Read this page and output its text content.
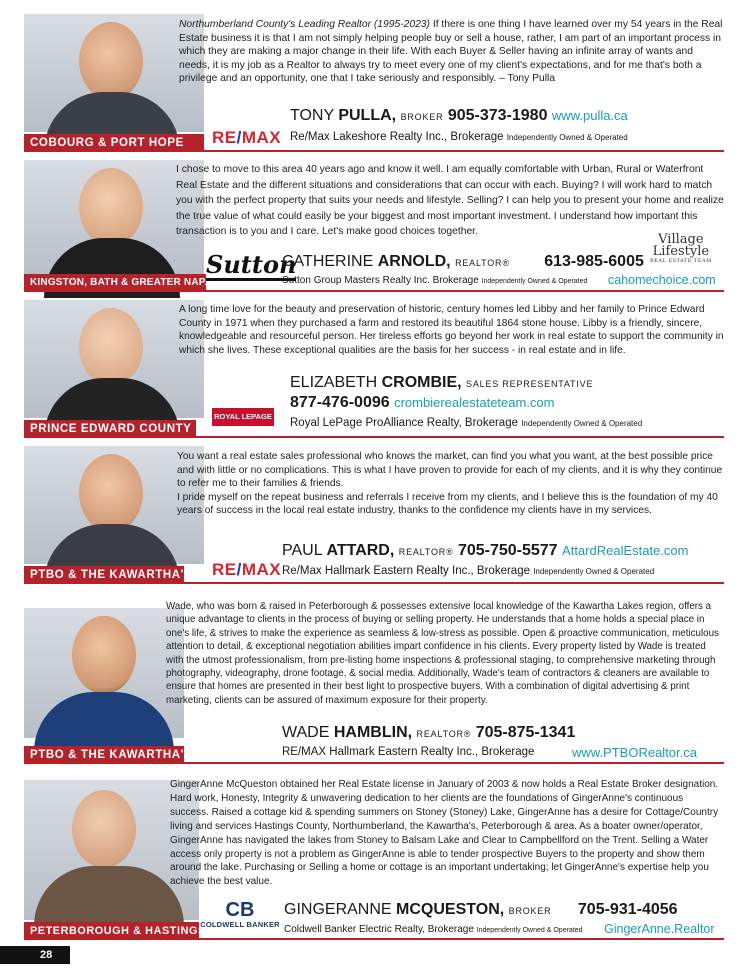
COBOURG & PORT HOPE

Northumberland County's Leading Realtor (1995-2023) If there is one thing I have learned over my 54 years in the Real Estate business it is that I am not simply helping people buy or sell a house, rather, I am part of an important process in which they are making a major change in their life. With each Buyer & Seller having an infinite array of wants and needs, it is my job as a Realtor to always try to meet every one of my client's expectations, and for me that's both a privilege and an opportunity, one that I take seriously and responsibly. – Tony Pulla

TONY PULLA, BROKER 905-373-1980 www.pulla.ca
RE/MAX Re/Max Lakeshore Realty Inc., Brokerage Independently Owned & Operated
KINGSTON, BATH & GREATER NAPANEE

I chose to move to this area 40 years ago and know it well. I am equally comfortable with Urban, Rural or Waterfront Real Estate and the different situations and considerations that can occur with each. Buying? I will work hard to match you with the perfect property that suits your needs and lifestyle. Selling? I can help you to present your home and realize the true value of what could easily be your biggest and most important investment. I understand how important this transaction is to you and I care. Let's make good choices together.

Sutton
CATHERINE ARNOLD, REALTOR® 613-985-6005
Village
Lifestyle
REAL ESTATE TEAM
Sutton Group Masters Realty Inc. Brokerage Independently Owned & Operated cahomechoice.com
PRINCE EDWARD COUNTY

A long time love for the beauty and preservation of historic, century homes led Libby and her family to Prince Edward County in 1971 when they purchased a farm and restored its beautiful 1864 stone house. Libby is a friendly, sincere, knowledgeable and resourceful person. Her tireless efforts go beyond her work in real estate to support the community in which she lives. These exceptional qualities are the basis for her success - in real estate and in life.

ELIZABETH CROMBIE, SALES REPRESENTATIVE
877-476-0096 crombierealestateteam.com
ROYAL LEPAGE
Royal LePage ProAlliance Realty, Brokerage Independently Owned & Operated
PTBO & THE KAWARTHA'S

You want a real estate sales professional who knows the market, can find you what you want, at the best possible price and with little or no complications. This is what I have proven to provide for each of my clients, and it is why they continue to refer me to their families & friends.
I pride myself on the repeat business and referrals I receive from my clients, and I believe this is the foundation of my 40 years of success in the local real estate industry, thanks to the confidence my clients have in my services.

PAUL ATTARD, REALTOR® 705-750-5577 AttardRealEstate.com
RE/MAX Re/Max Hallmark Eastern Realty Inc., Brokerage Independently Owned & Operated
PTBO & THE KAWARTHA'S

Wade, who was born & raised in Peterborough & possesses extensive local knowledge of the Kawartha Lakes region, offers a unique advantage to clients in the process of buying or selling property. He understands that a home holds a special place in one's life, & strives to make the experience as seamless & low-stress as possible. Open & proactive communication, meticulous attention to detail, & exceptional negotiation abilities impart confidence in his clients. Every property listed by Wade is treated with the utmost professionalism, from pre-listing home inspections & professional staging, to comprehensive marketing through photography, videography, drone footage, & social media. Additionally, Wade's team of contractors & cleaners are available to ensure that homes are presented in their best light to prospective buyers. With a combination of digital advertising & print marketing, clients can be assured of maximum exposure for their property.

WADE HAMBLIN, REALTOR® 705-875-1341
RE/MAX Hallmark Eastern Realty Inc., Brokerage	www.PTBORealtor.ca
PETERBOROUGH & HASTINGS

GingerAnne McQueston obtained her Real Estate license in January of 2003 & now holds a Real Estate Broker designation. Hard work, Honesty, Integrity & unwavering dedication to her clients are the foundations of GingerAnne's continuous success. Raised a cottage kid & spending summers on Stoney (Stoney) Lake, GingerAnne has a desire for Cottage/Country living and services Hastings County, Northumberland, the Kawartha's, Peterborough & area. As a boater owner/operator, GingerAnne has navigated the lakes from Stoney to Balsam Lake and Clear to Campbellford on the Trent. Selling a Water access only property is not a problem as GingerAnne is able to tender prospective Buyers to the property and show them around the lake. Purchasing or Selling a home or cottage is an important undertaking; let GingerAnne's expertise help you achieve the best value.

CB
COLDWELL BANKER
GINGERANNE MCQUESTON, BROKER 705-931-4056
Coldwell Banker Electric Realty, Brokerage Independently Owned & Operated GingerAnne.Realtor
28
